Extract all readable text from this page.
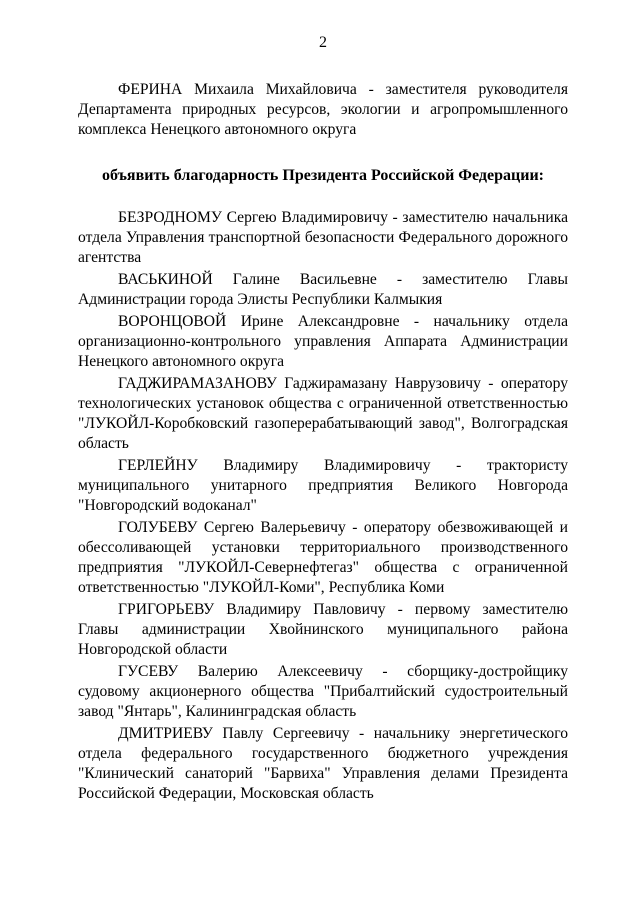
2

ФЕРИНА Михаила Михайловича - заместителя руководителя Департамента природных ресурсов, экологии и агропромышленного комплекса Ненецкого автономного округа

объявить благодарность Президента Российской Федерации:

БЕЗРОДНОМУ Сергею Владимировичу - заместителю начальника отдела Управления транспортной безопасности Федерального дорожного агентства

ВАСЬКИНОЙ Галине Васильевне - заместителю Главы Администрации города Элисты Республики Калмыкия

ВОРОНЦОВОЙ Ирине Александровне - начальнику отдела организационно-контрольного управления Аппарата Администрации Ненецкого автономного округа

ГАДЖИРАМАЗАНОВУ Гаджирамазану Наврузовичу - оператору технологических установок общества с ограниченной ответственностью "ЛУКОЙЛ-Коробковский газоперерабатывающий завод", Волгоградская область

ГЕРЛЕЙНУ Владимиру Владимировичу - трактористу муниципального унитарного предприятия Великого Новгорода "Новгородский водоканал"

ГОЛУБЕВУ Сергею Валерьевичу - оператору обезвоживающей и обессоливающей установки территориального производственного предприятия "ЛУКОЙЛ-Севернефтегаз" общества с ограниченной ответственностью "ЛУКОЙЛ-Коми", Республика Коми

ГРИГОРЬЕВУ Владимиру Павловичу - первому заместителю Главы администрации Хвойнинского муниципального района Новгородской области

ГУСЕВУ Валерию Алексеевичу - сборщику-достройщику судовому акционерного общества "Прибалтийский судостроительный завод "Янтарь", Калининградская область

ДМИТРИЕВУ Павлу Сергеевичу - начальнику энергетического отдела федерального государственного бюджетного учреждения "Клинический санаторий "Барвиха" Управления делами Президента Российской Федерации, Московская область
